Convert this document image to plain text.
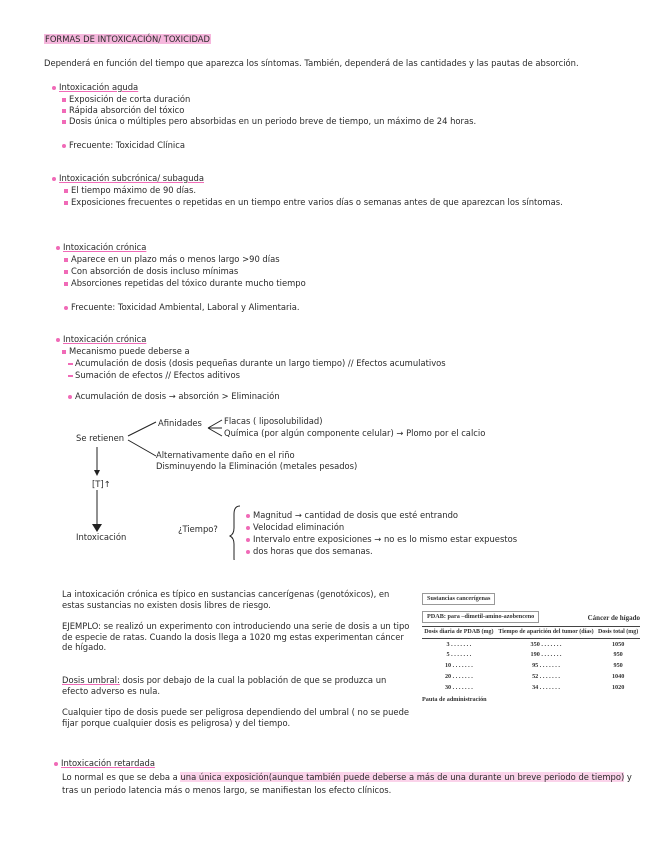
FORMAS DE INTOXICACIÓN/ TOXICIDAD
Dependerá en función del tiempo que aparezca los síntomas. También, dependerá de las cantidades y las pautas de absorción.
Intoxicación aguda
Exposición de corta duración
Rápida absorción del tóxico
Dosis única o múltiples pero absorbidas en un periodo breve de tiempo, un máximo de 24 horas.
Frecuente: Toxicidad Clínica
Intoxicación subcrónica/ subaguda
El tiempo máximo de 90 días.
Exposiciones frecuentes o repetidas en un tiempo entre varios días o semanas antes de que aparezcan los síntomas.
Intoxicación crónica
Aparece en un plazo más o menos largo >90 días
Con absorción de dosis incluso mínimas
Absorciones repetidas del tóxico durante mucho tiempo
Frecuente: Toxicidad Ambiental, Laboral y Alimentaria.
Intoxicación crónica
Mecanismo puede deberse a
Acumulación de dosis (dosis pequeñas durante un largo tiempo) // Efectos acumulativos
Sumación de efectos // Efectos aditivos
Acumulación de dosis → absorción > Eliminación
Se retienen
Afinidades	Flacas ( liposolubilidad)
Química (por algún componente celular) → Plomo por el calcio
Alternativamente daño en el riño
Disminuyendo la Eliminación (metales pesados)
[T]↑
Intoxicación
¿Tiempo?
Magnitud → cantidad de dosis que esté entrando
Velocidad eliminación
Intervalo entre exposiciones → no es lo mismo estar expuestos
dos horas que dos semanas.
La intoxicación crónica es típico en sustancias cancerígenas (genotóxicos), en estas sustancias no existen dosis libres de riesgo.
EJEMPLO: se realizó un experimento con introduciendo una serie de dosis a un tipo de especie de ratas. Cuando la dosis llega a 1020 mg estas experimentan cáncer de hígado.
Dosis umbral: dosis por debajo de la cual la población de que se produzca un efecto adverso es nula.
Cualquier tipo de dosis puede ser peligrosa dependiendo del umbral ( no se puede fijar porque cualquier dosis es peligrosa) y del tiempo.
Sustancias cancerígenas
PDAB: para –dimetil-amino-azobenceno	Cáncer de hígado
Dosis diaria de PDAB (mg)	Tiempo de aparición del tumor (días)	Dosis total (mg)
3 . . . . . . .	350 . . . . . . .	1050
5 . . . . . . .	190 . . . . . . .	950
10 . . . . . . .	95 . . . . . . .	950
20 . . . . . . .	52 . . . . . . .	1040
30 . . . . . . .	34 . . . . . . .	1020
Pauta de administración
Intoxicación retardada
Lo normal es que se deba a una única exposición(aunque también puede deberse a más de una durante un breve periodo de tiempo) y tras un periodo latencia más o menos largo, se manifiestan los efecto clínicos.
